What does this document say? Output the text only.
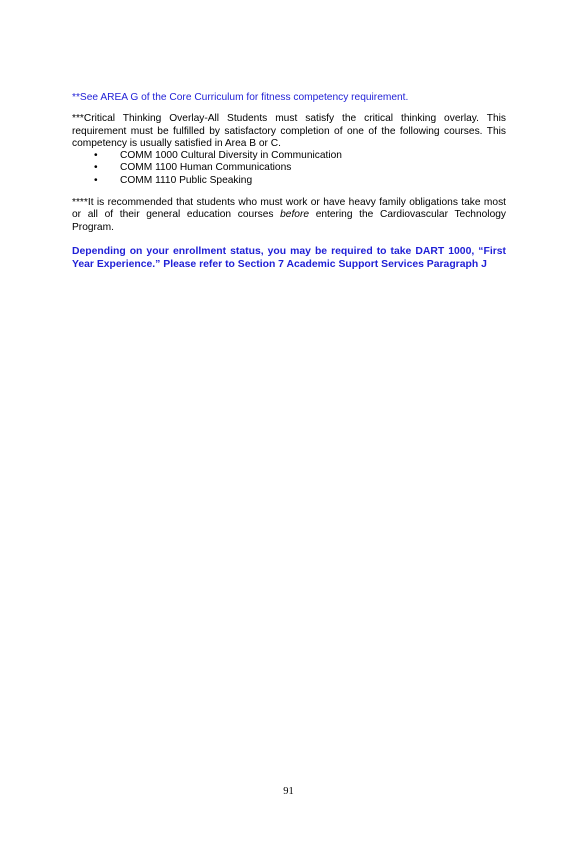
**See AREA G of the Core Curriculum for fitness competency requirement.

***Critical Thinking Overlay-All Students must satisfy the critical thinking overlay. This requirement must be fulfilled by satisfactory completion of one of the following courses. This competency is usually satisfied in Area B or C.

• COMM 1000 Cultural Diversity in Communication
• COMM 1100 Human Communications
• COMM 1110 Public Speaking

****It is recommended that students who must work or have heavy family obligations take most or all of their general education courses before entering the Cardiovascular Technology Program.

Depending on your enrollment status, you may be required to take DART 1000, “First Year Experience.” Please refer to Section 7 Academic Support Services Paragraph J

91
